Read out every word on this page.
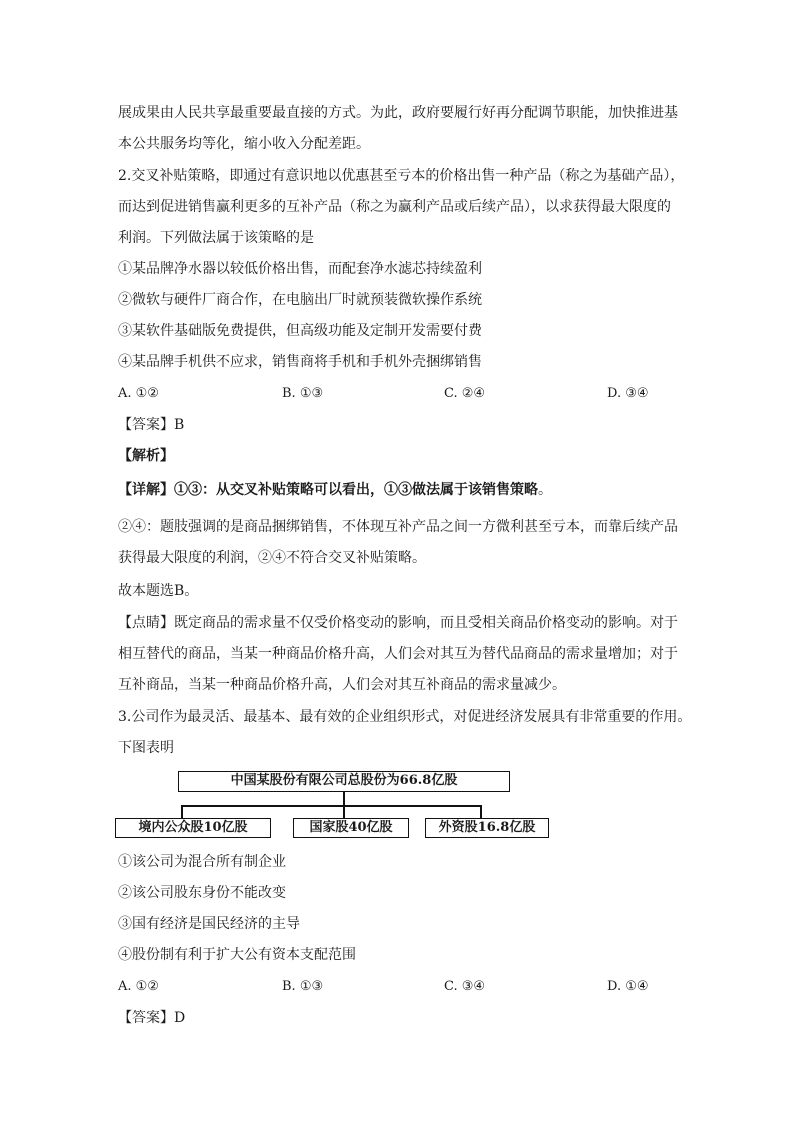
展成果由人民共享最重要最直接的方式。为此，政府要履行好再分配调节职能，加快推进基
本公共服务均等化，缩小收入分配差距。
2.交叉补贴策略，即通过有意识地以优惠甚至亏本的价格出售一种产品（称之为基础产品），
而达到促进销售赢利更多的互补产品（称之为赢利产品或后续产品），以求获得最大限度的
利润。下列做法属于该策略的是
①某品牌净水器以较低价格出售，而配套净水滤芯持续盈利
②微软与硬件厂商合作，在电脑出厂时就预装微软操作系统
③某软件基础版免费提供，但高级功能及定制开发需要付费
④某品牌手机供不应求，销售商将手机和手机外壳捆绑销售
A. ①②	B. ①③	C. ②④	D. ③④
【答案】B
【解析】
【详解】①③：从交叉补贴策略可以看出，①③做法属于该销售策略。
②④：题肢强调的是商品捆绑销售，不体现互补产品之间一方微利甚至亏本，而靠后续产品
获得最大限度的利润，②④不符合交叉补贴策略。
故本题选B。
【点睛】既定商品的需求量不仅受价格变动的影响，而且受相关商品价格变动的影响。对于
相互替代的商品，当某一种商品价格升高，人们会对其互为替代品商品的需求量增加；对于
互补商品，当某一种商品价格升高，人们会对其互补商品的需求量减少。
3.公司作为最灵活、最基本、最有效的企业组织形式，对促进经济发展具有非常重要的作用。
下图表明
中国某股份有限公司总股份为66.8亿股
境内公众股10亿股	国家股40亿股	外资股16.8亿股
①该公司为混合所有制企业
②该公司股东身份不能改变
③国有经济是国民经济的主导
④股份制有利于扩大公有资本支配范围
A. ①②	B. ①③	C. ③④	D. ①④
【答案】D
